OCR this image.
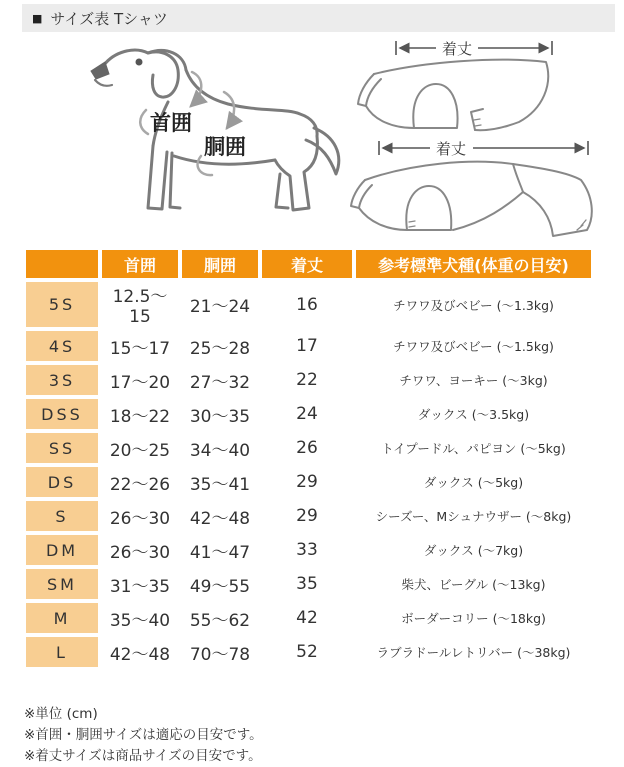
■ サイズ表 Tシャツ
首囲
胴囲
着丈
着丈
	首囲	胴囲	着丈	参考標準犬種(体重の目安)
5S	12.5～15	21～24	16	チワワ及びベビー (～1.3kg)
4S	15～17	25～28	17	チワワ及びベビー (～1.5kg)
3S	17～20	27～32	22	チワワ、ヨーキー (～3kg)
DSS	18～22	30～35	24	ダックス (～3.5kg)
SS	20～25	34～40	26	トイプードル、パピヨン (～5kg)
DS	22～26	35～41	29	ダックス (～5kg)
S	26～30	42～48	29	シーズー、Mシュナウザー (～8kg)
DM	26～30	41～47	33	ダックス (～7kg)
SM	31～35	49～55	35	柴犬、ビーグル (～13kg)
M	35～40	55～62	42	ボーダーコリー (～18kg)
L	42～48	70～78	52	ラブラドールレトリバー (～38kg)
※単位 (cm)
※首囲・胴囲サイズは適応の目安です。
※着丈サイズは商品サイズの目安です。
